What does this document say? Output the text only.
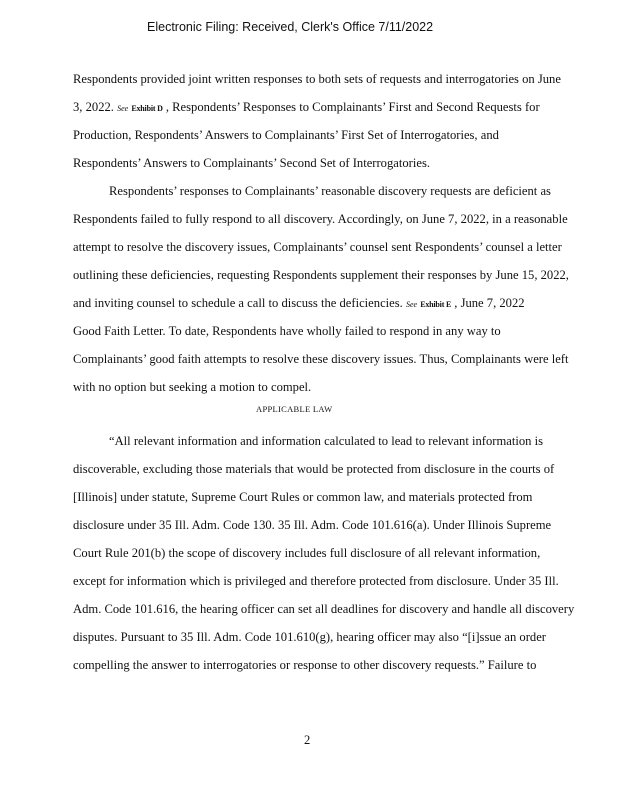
Electronic Filing: Received, Clerk's Office 7/11/2022
Respondents provided joint written responses to both sets of requests and interrogatories on June
3, 2022. See Exhibit D , Respondents’ Responses to Complainants’ First and Second Requests for
Production, Respondents’ Answers to Complainants’ First Set of Interrogatories, and
Respondents’ Answers to Complainants’ Second Set of Interrogatories.
Respondents’ responses to Complainants’ reasonable discovery requests are deficient as
Respondents failed to fully respond to all discovery. Accordingly, on June 7, 2022, in a reasonable
attempt to resolve the discovery issues, Complainants’ counsel sent Respondents’ counsel a letter
outlining these deficiencies, requesting Respondents supplement their responses by June 15, 2022,
and inviting counsel to schedule a call to discuss the deficiencies. See Exhibit E , June 7, 2022
Good Faith Letter. To date, Respondents have wholly failed to respond in any way to
Complainants’ good faith attempts to resolve these discovery issues. Thus, Complainants were left
with no option but seeking a motion to compel.
APPLICABLE LAW
“All relevant information and information calculated to lead to relevant information is
discoverable, excluding those materials that would be protected from disclosure in the courts of
[Illinois] under statute, Supreme Court Rules or common law, and materials protected from
disclosure under 35 Ill. Adm. Code 130. 35 Ill. Adm. Code 101.616(a). Under Illinois Supreme
Court Rule 201(b) the scope of discovery includes full disclosure of all relevant information,
except for information which is privileged and therefore protected from disclosure. Under 35 Ill.
Adm. Code 101.616, the hearing officer can set all deadlines for discovery and handle all discovery
disputes. Pursuant to 35 Ill. Adm. Code 101.610(g), hearing officer may also “[i]ssue an order
compelling the answer to interrogatories or response to other discovery requests.” Failure to
2
